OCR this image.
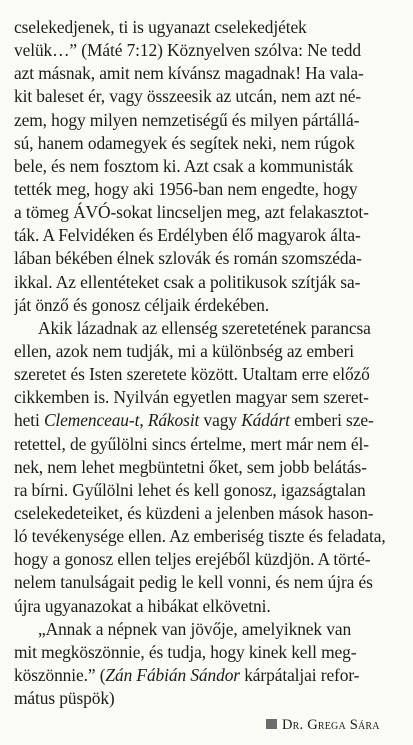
cselekedjenek, ti is ugyanazt cselekedjétek
velük…” (Máté 7:12) Köznyelven szólva: Ne tedd
azt másnak, amit nem kívánsz magadnak! Ha vala-
kit baleset ér, vagy összeesik az utcán, nem azt né-
zem, hogy milyen nemzetiségű és milyen pártállá-
sú, hanem odamegyek és segítek neki, nem rúgok
bele, és nem fosztom ki. Azt csak a kommunisták
tették meg, hogy aki 1956-ban nem engedte, hogy
a tömeg ÁVÓ-sokat lincseljen meg, azt felakasztot-
ták. A Felvidéken és Erdélyben élő magyarok álta-
lában békében élnek szlovák és román szomszéda-
ikkal. Az ellentéteket csak a politikusok szítják sa-
ját önző és gonosz céljaik érdekében.
Akik lázadnak az ellenség szeretetének parancsa
ellen, azok nem tudják, mi a különbség az emberi
szeretet és Isten szeretete között. Utaltam erre előző
cikkemben is. Nyilván egyetlen magyar sem szeret-
heti Clemenceau-t, Rákosit vagy Kádárt emberi sze-
retettel, de gyűlölni sincs értelme, mert már nem él-
nek, nem lehet megbüntetni őket, sem jobb belátás-
ra bírni. Gyűlölni lehet és kell gonosz, igazságtalan
cselekedeteiket, és küzdeni a jelenben mások hason-
ló tevékenysége ellen. Az emberiség tiszte és feladata,
hogy a gonosz ellen teljes erejéből küzdjön. A törté-
nelem tanulságait pedig le kell vonni, és nem újra és
újra ugyanazokat a hibákat elkövetni.
„Annak a népnek van jövője, amelyiknek van
mit megköszönnie, és tudja, hogy kinek kell meg-
köszönnie.” (Zán Fábián Sándor kárpátaljai refor-
mátus püspök)
Dr. Grega Sára
